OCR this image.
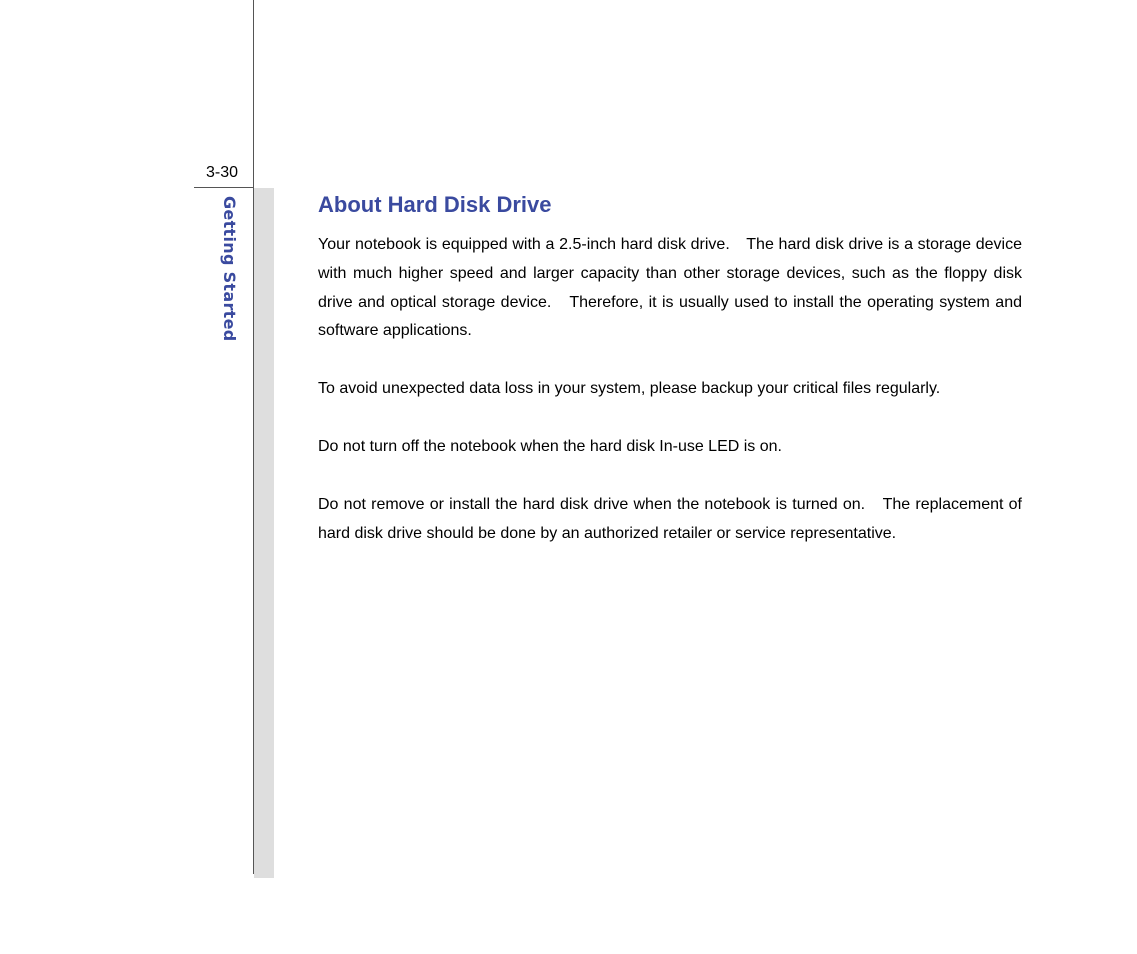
3-30
Getting Started	About Hard Disk Drive

Your notebook is equipped with a 2.5-inch hard disk drive.　The hard disk drive is a storage device with much higher speed and larger capacity than other storage devices, such as the floppy disk drive and optical storage device.　Therefore, it is usually used to install the operating system and software applications.

To avoid unexpected data loss in your system, please backup your critical files regularly.

Do not turn off the notebook when the hard disk In-use LED is on.

Do not remove or install the hard disk drive when the notebook is turned on.　The replacement of hard disk drive should be done by an authorized retailer or service representative.
